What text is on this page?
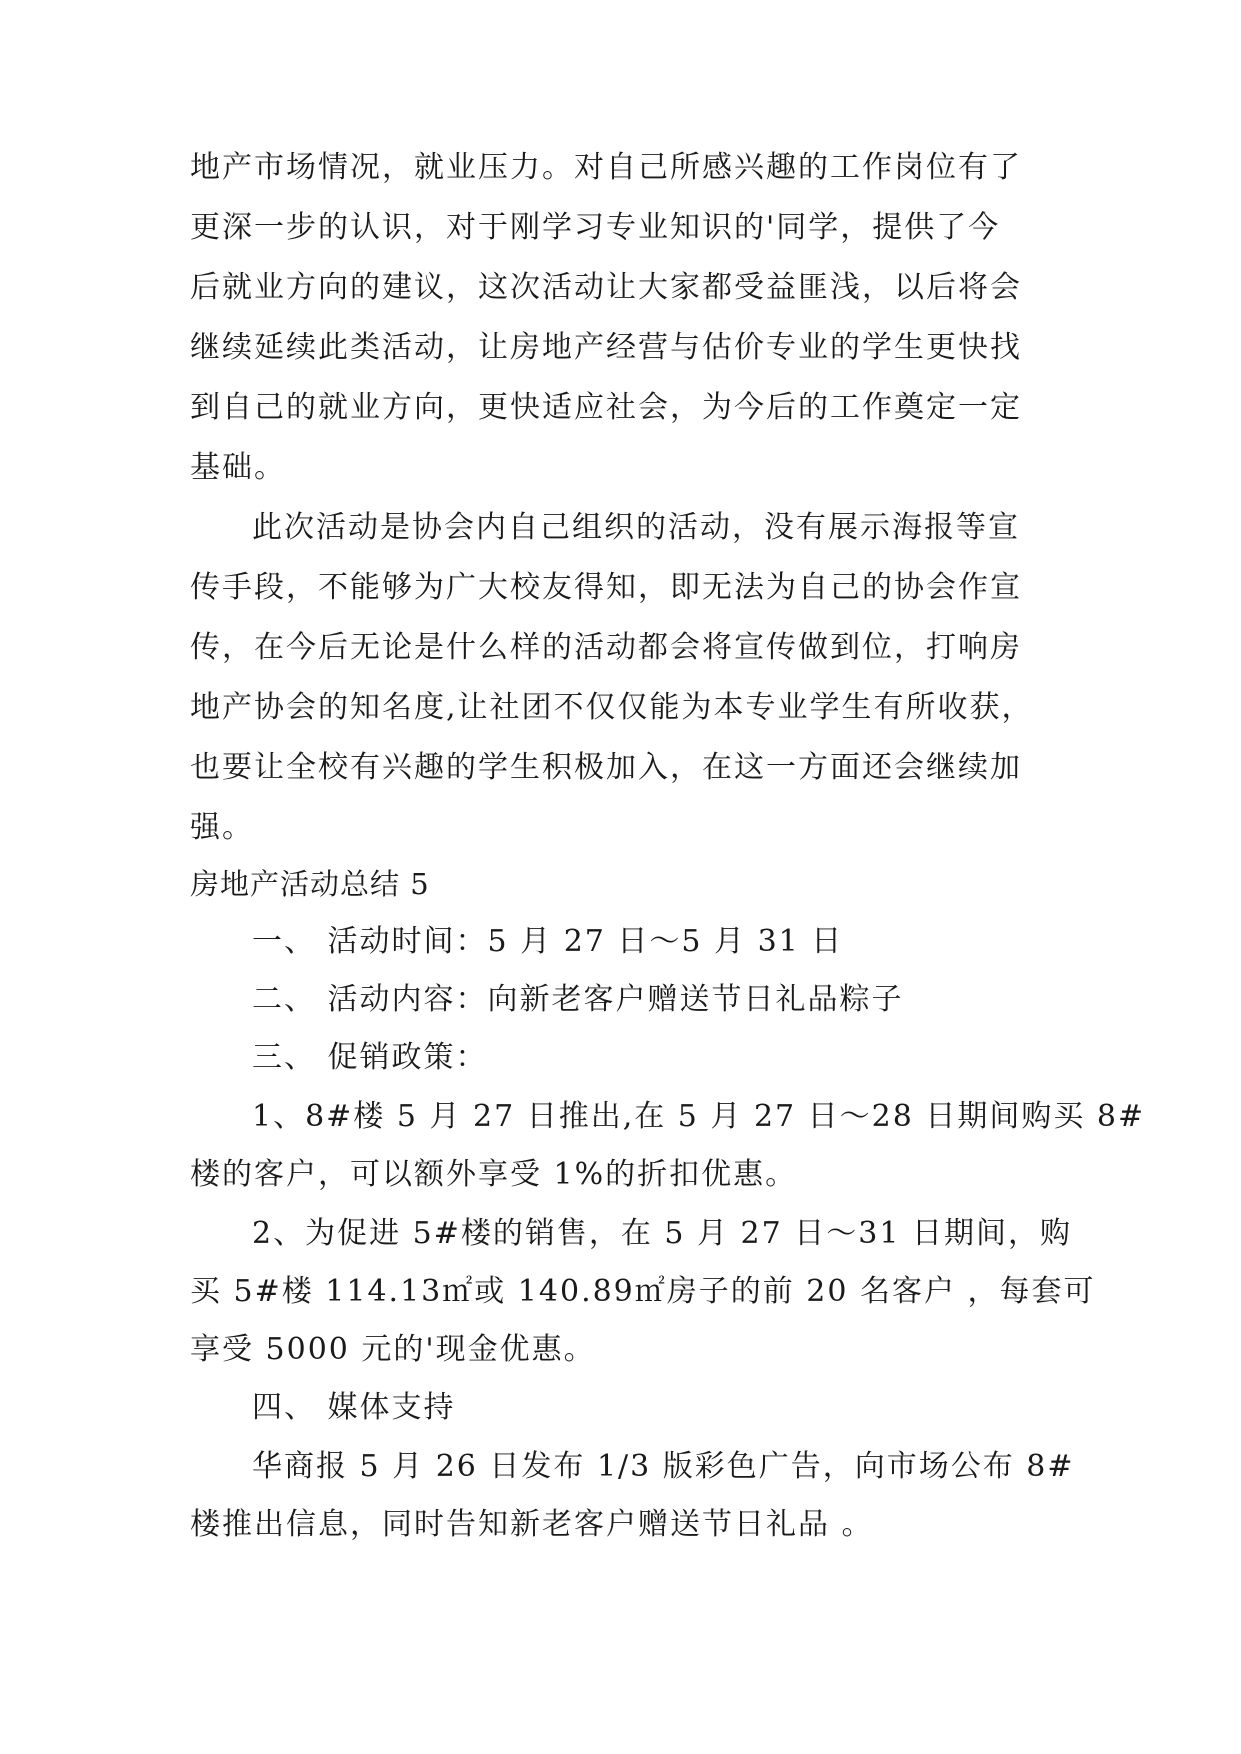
地产市场情况，就业压力。对自己所感兴趣的工作岗位有了
更深一步的认识，对于刚学习专业知识的'同学，提供了今
后就业方向的建议，这次活动让大家都受益匪浅，以后将会
继续延续此类活动，让房地产经营与估价专业的学生更快找
到自己的就业方向，更快适应社会，为今后的工作奠定一定
基础。
此次活动是协会内自己组织的活动，没有展示海报等宣
传手段，不能够为广大校友得知，即无法为自己的协会作宣
传，在今后无论是什么样的活动都会将宣传做到位，打响房
地产协会的知名度,让社团不仅仅能为本专业学生有所收获，
也要让全校有兴趣的学生积极加入，在这一方面还会继续加
强。
房地产活动总结 5
一、 活动时间：5 月 27 日～5 月 31 日
二、 活动内容：向新老客户赠送节日礼品粽子
三、 促销政策：
1、8#楼 5 月 27 日推出,在 5 月 27 日～28 日期间购买 8#
楼的客户，可以额外享受 1%的折扣优惠。
2、为促进 5#楼的销售，在 5 月 27 日～31 日期间，购
买 5#楼 114.13㎡或 140.89㎡房子的前 20 名客户 ，每套可
享受 5000 元的'现金优惠。
四、 媒体支持
华商报 5 月 26 日发布 1/3 版彩色广告，向市场公布 8#
楼推出信息，同时告知新老客户赠送节日礼品 。
